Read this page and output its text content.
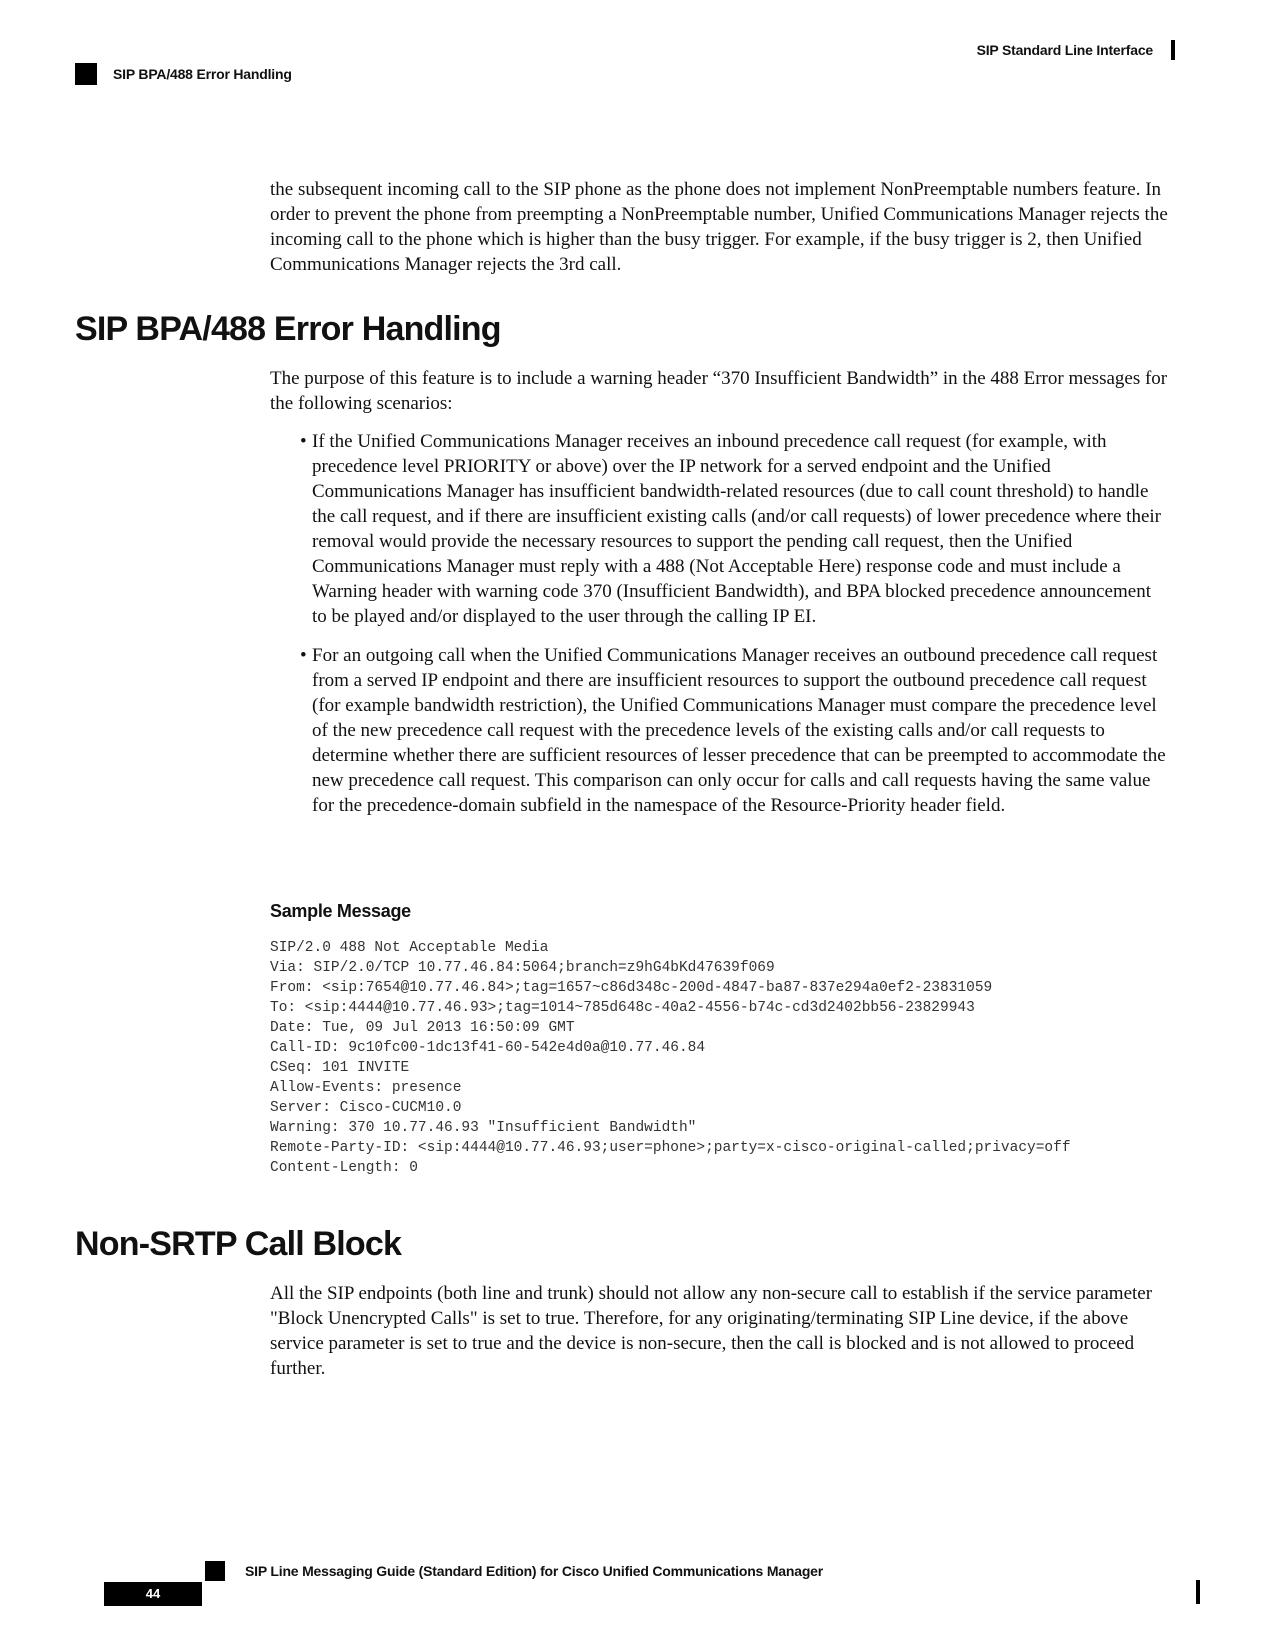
SIP Standard Line Interface
SIP BPA/488 Error Handling

the subsequent incoming call to the SIP phone as the phone does not implement NonPreemptable numbers feature. In order to prevent the phone from preempting a NonPreemptable number, Unified Communications Manager rejects the incoming call to the phone which is higher than the busy trigger. For example, if the busy trigger is 2, then Unified Communications Manager rejects the 3rd call.

SIP BPA/488 Error Handling

The purpose of this feature is to include a warning header “370 Insufficient Bandwidth” in the 488 Error messages for the following scenarios:

• If the Unified Communications Manager receives an inbound precedence call request (for example, with precedence level PRIORITY or above) over the IP network for a served endpoint and the Unified Communications Manager has insufficient bandwidth-related resources (due to call count threshold) to handle the call request, and if there are insufficient existing calls (and/or call requests) of lower precedence where their removal would provide the necessary resources to support the pending call request, then the Unified Communications Manager must reply with a 488 (Not Acceptable Here) response code and must include a Warning header with warning code 370 (Insufficient Bandwidth), and BPA blocked precedence announcement to be played and/or displayed to the user through the calling IP EI.
• For an outgoing call when the Unified Communications Manager receives an outbound precedence call request from a served IP endpoint and there are insufficient resources to support the outbound precedence call request (for example bandwidth restriction), the Unified Communications Manager must compare the precedence level of the new precedence call request with the precedence levels of the existing calls and/or call requests to determine whether there are sufficient resources of lesser precedence that can be preempted to accommodate the new precedence call request. This comparison can only occur for calls and call requests having the same value for the precedence-domain subfield in the namespace of the Resource-Priority header field.
Sample Message
SIP/2.0 488 Not Acceptable Media
Via: SIP/2.0/TCP 10.77.46.84:5064;branch=z9hG4bKd47639f069
From: <sip:7654@10.77.46.84>;tag=1657~c86d348c-200d-4847-ba87-837e294a0ef2-23831059
To: <sip:4444@10.77.46.93>;tag=1014~785d648c-40a2-4556-b74c-cd3d2402bb56-23829943
Date: Tue, 09 Jul 2013 16:50:09 GMT
Call-ID: 9c10fc00-1dc13f41-60-542e4d0a@10.77.46.84
CSeq: 101 INVITE
Allow-Events: presence
Server: Cisco-CUCM10.0
Warning: 370 10.77.46.93 "Insufficient Bandwidth"
Remote-Party-ID: <sip:4444@10.77.46.93;user=phone>;party=x-cisco-original-called;privacy=off
Content-Length: 0
Non-SRTP Call Block

All the SIP endpoints (both line and trunk) should not allow any non-secure call to establish if the service parameter "Block Unencrypted Calls" is set to true. Therefore, for any originating/terminating SIP Line device, if the above service parameter is set to true and the device is non-secure, then the call is blocked and is not allowed to proceed further.

SIP Line Messaging Guide (Standard Edition) for Cisco Unified Communications Manager
44
